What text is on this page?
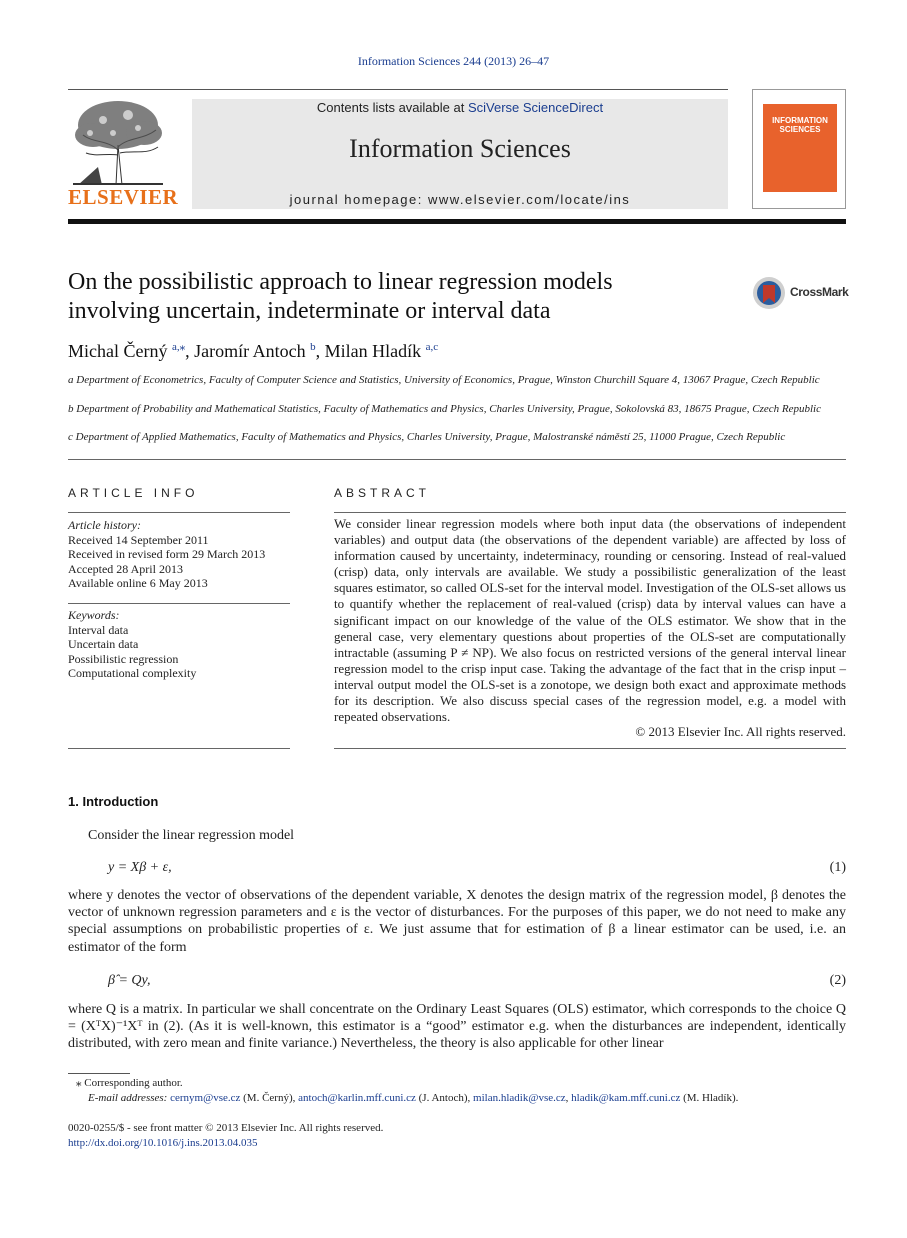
Information Sciences 244 (2013) 26–47
ELSEVIER
Contents lists available at SciVerse ScienceDirect
Information Sciences
journal homepage: www.elsevier.com/locate/ins
INFORMATION SCIENCES
On the possibilistic approach to linear regression models involving uncertain, indeterminate or interval data
CrossMark
Michal Černý $^{a,⁎}$, Jaromír Antoch $^b$, Milan Hladík $^{a,c}$
a Department of Econometrics, Faculty of Computer Science and Statistics, University of Economics, Prague, Winston Churchill Square 4, 13067 Prague, Czech Republic
b Department of Probability and Mathematical Statistics, Faculty of Mathematics and Physics, Charles University, Prague, Sokolovská 83, 18675 Prague, Czech Republic
c Department of Applied Mathematics, Faculty of Mathematics and Physics, Charles University, Prague, Malostranské náměstí 25, 11000 Prague, Czech Republic
ARTICLE INFO
Article history:
Received 14 September 2011
Received in revised form 29 March 2013
Accepted 28 April 2013
Available online 6 May 2013
Keywords:
Interval data
Uncertain data
Possibilistic regression
Computational complexity
ABSTRACT
We consider linear regression models where both input data (the observations of independent variables) and output data (the observations of the dependent variable) are affected by loss of information caused by uncertainty, indeterminacy, rounding or censoring. Instead of real-valued (crisp) data, only intervals are available. We study a possibilistic generalization of the least squares estimator, so called OLS-set for the interval model. Investigation of the OLS-set allows us to quantify whether the replacement of real-valued (crisp) data by interval values can have a significant impact on our knowledge of the value of the OLS estimator. We show that in the general case, very elementary questions about properties of the OLS-set are computationally intractable (assuming P ≠ NP). We also focus on restricted versions of the general interval linear regression model to the crisp input case. Taking the advantage of the fact that in the crisp input – interval output model the OLS-set is a zonotope, we design both exact and approximate methods for its description. We also discuss special cases of the regression model, e.g. a model with repeated observations.
© 2013 Elsevier Inc. All rights reserved.
1. Introduction
Consider the linear regression model
y = Xβ + ε,	(1)
where y denotes the vector of observations of the dependent variable, X denotes the design matrix of the regression model, β denotes the vector of unknown regression parameters and ε is the vector of disturbances. For the purposes of this paper, we do not need to make any special assumptions on probabilistic properties of ε. We just assume that for estimation of β a linear estimator can be used, i.e. an estimator of the form
β̂ = Qy,	(2)
where Q is a matrix. In particular we shall concentrate on the Ordinary Least Squares (OLS) estimator, which corresponds to the choice Q = (XᵀX)⁻¹Xᵀ in (2). (As it is well-known, this estimator is a “good” estimator e.g. when the disturbances are independent, identically distributed, with zero mean and finite variance.) Nevertheless, the theory is also applicable for other linear
⁎ Corresponding author.
E-mail addresses: cernym@vse.cz (M. Černý), antoch@karlin.mff.cuni.cz (J. Antoch), milan.hladik@vse.cz, hladik@kam.mff.cuni.cz (M. Hladík).
0020-0255/$ - see front matter © 2013 Elsevier Inc. All rights reserved.
http://dx.doi.org/10.1016/j.ins.2013.04.035
